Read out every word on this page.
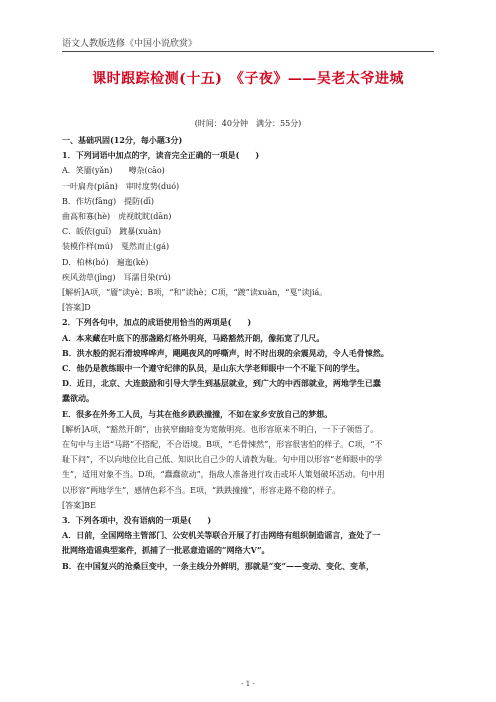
语文人教版选修《中国小说欣赏》
课时跟踪检测(十五)　《子夜》——吴老太爷进城
(时间：40分钟　满分：55分)

一、基础巩固(12分，每小题3分)

1．下列词语中加点的字，读音完全正确的一项是(　　)

A．笑靥(yǎn)　　噂杂(cāo)

一叶扁舟(piān)　审时度势(duó)

B．作坊(fāng)　提防(dī)

曲高和寡(hè)　虎视眈眈(dān)

C．皈依(guī)　踱暴(xuàn)

装模作样(mú)　戛然而止(gá)

D．柏林(bó)　遍迤(kè)

疾风劲草(jìng)　耳濡目染(rú)

[解析]A项，“靥”读yè；B项，“和”读hè；C项，“踱”读xuàn，“戛”读jiá。

[答案]D

2．下列各句中，加点的成语使用恰当的两项是(　　)

A．本来藏在叶底下的那盏路灯格外明亮，马路豁然开朗，像拓宽了几尺。

B．洪水般的泥石滑坡哗哗声，飓飓夜风的呼嘶声，时不时出现的余震晃动，令人毛骨悚然。

C．他仍是教练眼中一个遵守纪律的队员，是山东大学老师眼中一个不耻下问的学生。

D．近日，北京、大连鼓励和引导大学生到基层就业，到广大的中西部就业，两地学生已蠢

蠢欲动。

E．很多在外务工人员，与其在他乡跌跌撞撞，不如在家乡安放自己的梦想。

[解析]A项，“豁然开朗”，由狭窄幽暗变为宽敞明亮。也形容原来不明白，一下子领悟了。

在句中与主语“马路”不搭配，不合语境。B项，“毛骨悚然”，形容很害怕的样子。C项，“不

耻下问”，不以向地位比自己低、知识比自己少的人请教为耻。句中用以形容“老师眼中的学

生”，适用对象不当。D项，“蠢蠢欲动”，指敌人准备进行攻击或坏人策划破坏活动。句中用

以形容“两地学生”，感情色彩不当。E项，“跌跌撞撞”，形容走路不稳的样子。

[答案]BE

3．下列各项中，没有语病的一项是(　　)

A．日前，全国网络主管部门、公安机关等联合开展了打击网络有组织制造谣言，查处了一

批网络造谣典型案件，抓捕了一批恶意造谣的“网络大V”。

B．在中国复兴的沧桑巨变中，一条主线分外鲜明，那就是“变”——变动、变化、变革，

- 1 -
